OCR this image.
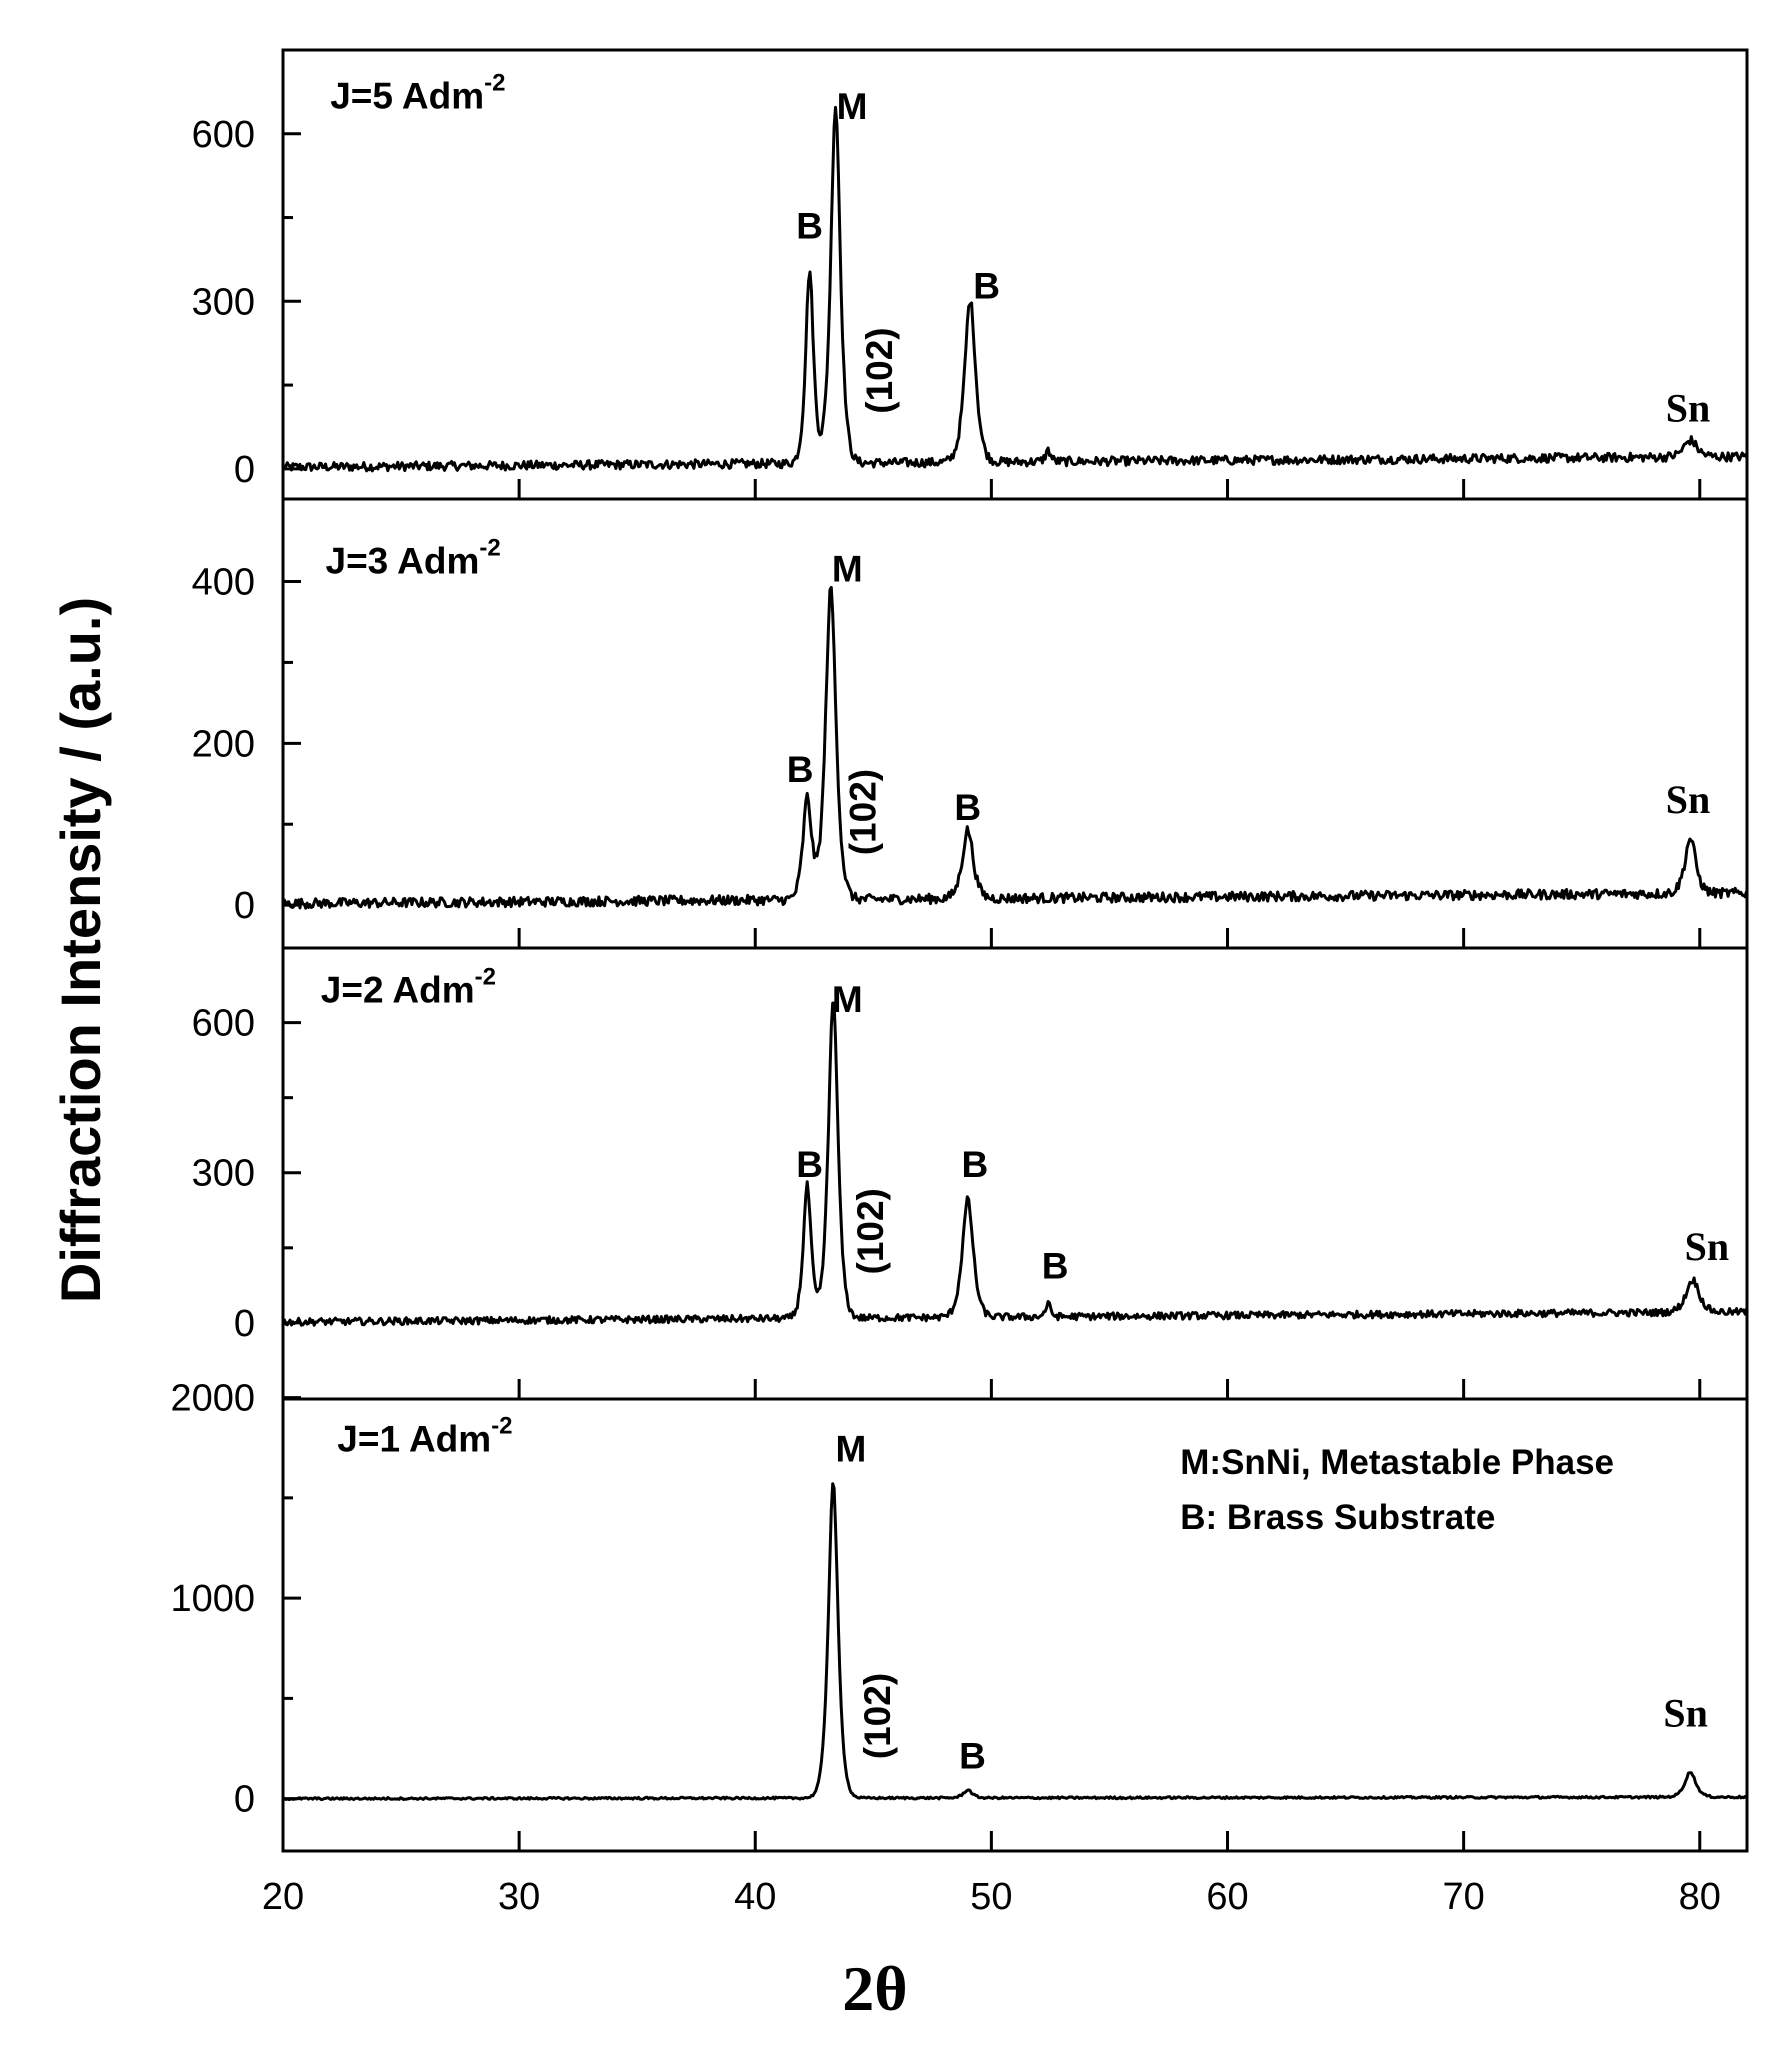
Diffraction Intensity / (a.u.)
2θ
0
300
600
J=5 Adm$^{-2}$
B
M
B
(102)	Sn
0
200
400
J=3 Adm$^{-2}$
B
M
B
(102)	Sn
0
300
600
J=2 Adm$^{-2}$
B
M
B
B
(102)	Sn
0
1000
2000
20	30	40	50	60	70	80
J=1 Adm$^{-2}$
M
B
(102)	Sn
M:SnNi, Metastable Phase
B: Brass Substrate
